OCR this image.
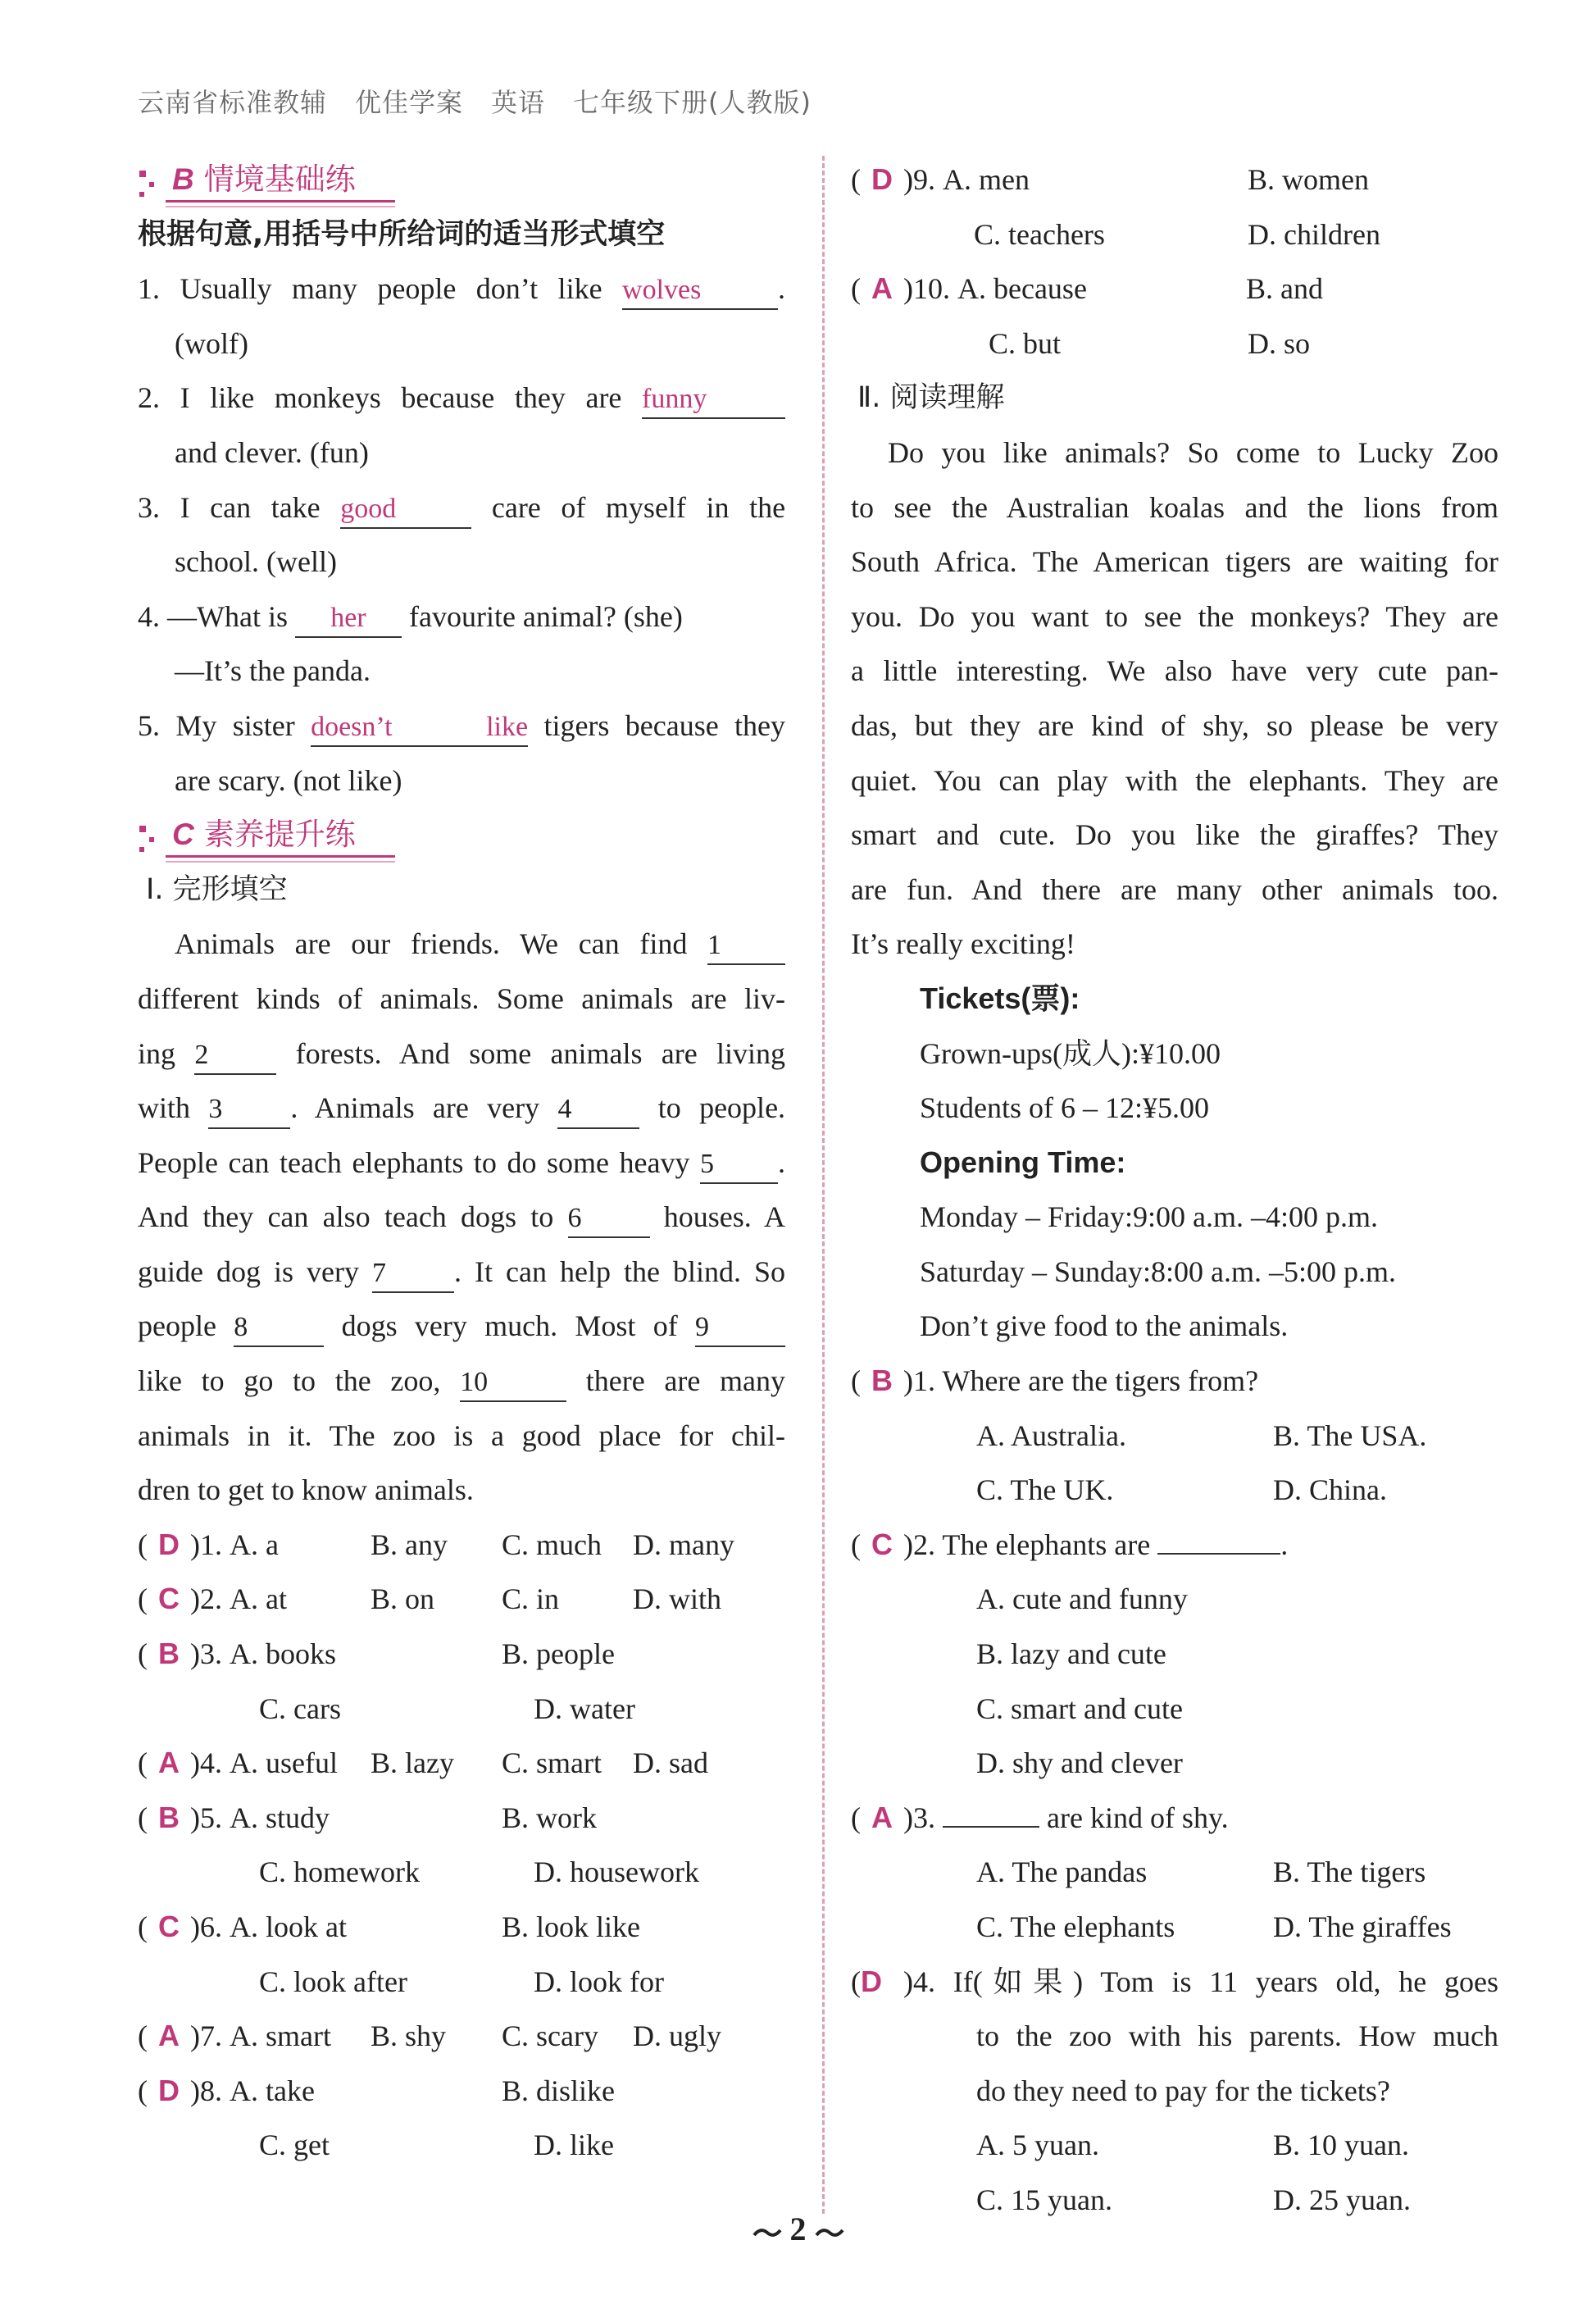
云南省标准教辅 优佳学案 英语 七年级下册(人教版)
B 情境基础练
根据句意,用括号中所给词的适当形式填空
1. Usually many people don’t like wolves	.
(wolf)
2. I like monkeys because they are funny
and clever. (fun)
3. I can take good	care of myself in the
school. (well)
4. —What is her favourite animal? (she)
—It’s the panda.
5. My sister doesn’t like tigers because they
are scary. (not like)
C 素养提升练
Ⅰ. 完形填空
Animals are our friends. We can find 1
different kinds of animals. Some animals are liv-
ing 2	forests. And some animals are living
with 3 . Animals are very 4	to people.
People can teach elephants to do some heavy 5 .
And they can also teach dogs to 6	houses. A
guide dog is very 7 . It can help the blind. So
people 8	dogs very much. Most of 9
like to go to the zoo, 10	there are many
animals in it. The zoo is a good place for chil-
dren to get to know animals.
( D )1. A. a	B. any C. much D. many
( C )2. A. at	B. on C. in D. with
( B )3. A. books	B. people
C. cars	D. water
( A )4. A. useful B. lazy C. smart D. sad
( B )5. A. study	B. work
C. homework	D. housework
( C )6. A. look at	B. look like
C. look after	D. look for
( A )7. A. smart B. shy C. scary D. ugly
( D )8. A. take	B. dislike
C. get	D. like
( D )9. A. men	B. women
C. teachers	D. children
( A )10. A. because	B. and
C. but	D. so
Ⅱ. 阅读理解
Do you like animals? So come to Lucky Zoo
to see the Australian koalas and the lions from
South Africa. The American tigers are waiting for
you. Do you want to see the monkeys? They are
a little interesting. We also have very cute pan-
das, but they are kind of shy, so please be very
quiet. You can play with the elephants. They are
smart and cute. Do you like the giraffes? They
are fun. And there are many other animals too.
It’s really exciting!
Tickets(票):
Grown-ups(成人):¥10.00
Students of 6 – 12:¥5.00
Opening Time:
Monday – Friday:9:00 a.m. –4:00 p.m.
Saturday – Sunday:8:00 a.m. –5:00 p.m.
Don’t give food to the animals.
( B )1. Where are the tigers from?
A. Australia.	B. The USA.
C. The UK.	D. China.
( C )2. The elephants are	.
A. cute and funny
B. lazy and cute
C. smart and cute
D. shy and clever
( A )3.	are kind of shy.
A. The pandas	B. The tigers
C. The elephants	D. The giraffes
(D )4. If(如果) Tom is 11 years old, he goes
to the zoo with his parents. How much
do they need to pay for the tickets?
A. 5 yuan.	B. 10 yuan.
C. 15 yuan.	D. 25 yuan.
2
